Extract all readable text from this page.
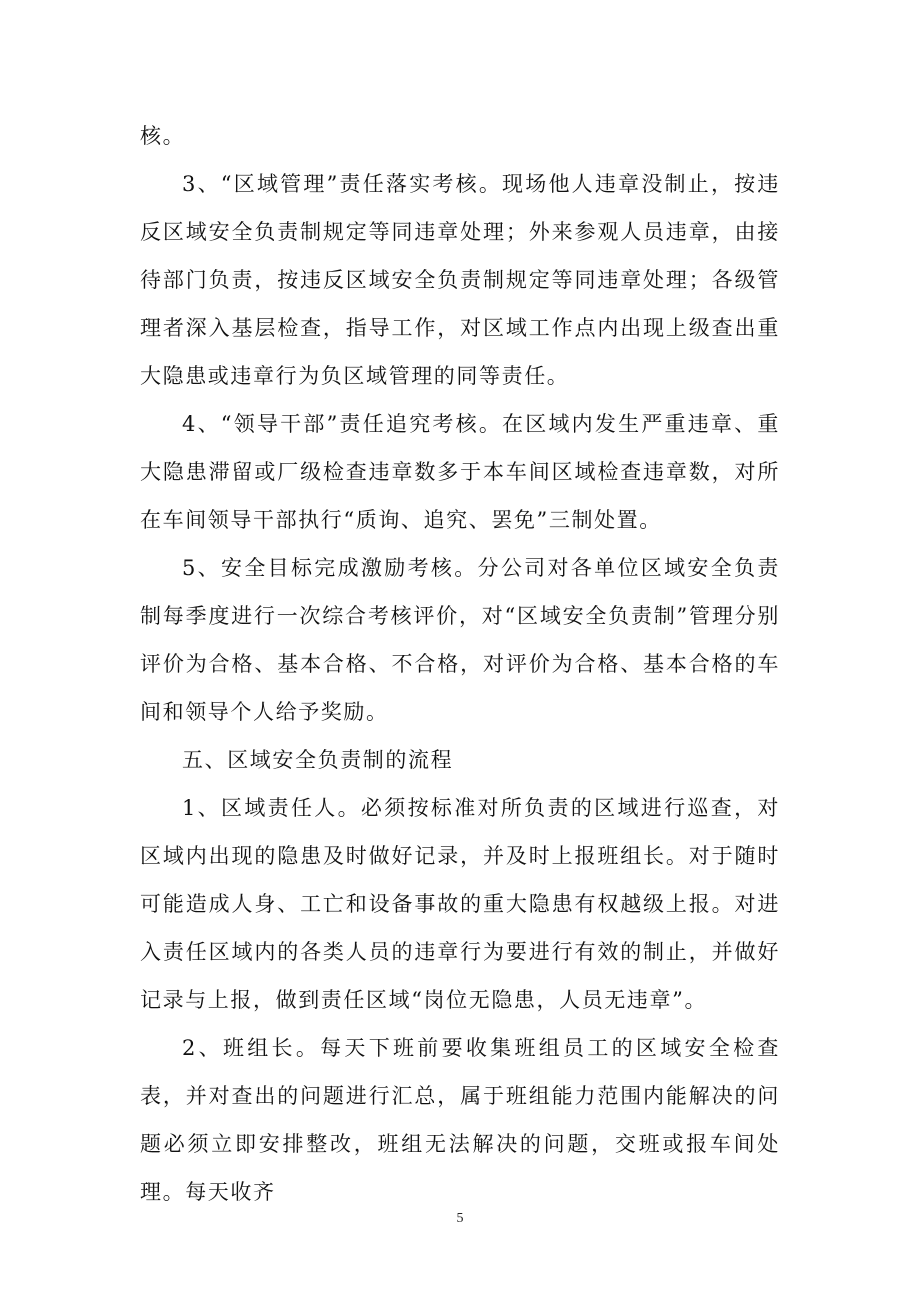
核。

3、“区域管理”责任落实考核。现场他人违章没制止，按违反区域安全负责制规定等同违章处理；外来参观人员违章，由接待部门负责，按违反区域安全负责制规定等同违章处理；各级管理者深入基层检查，指导工作，对区域工作点内出现上级查出重大隐患或违章行为负区域管理的同等责任。

4、“领导干部”责任追究考核。在区域内发生严重违章、重大隐患滞留或厂级检查违章数多于本车间区域检查违章数，对所在车间领导干部执行“质询、追究、罢免”三制处置。

5、安全目标完成激励考核。分公司对各单位区域安全负责制每季度进行一次综合考核评价，对“区域安全负责制”管理分别评价为合格、基本合格、不合格，对评价为合格、基本合格的车间和领导个人给予奖励。

五、区域安全负责制的流程

1、区域责任人。必须按标准对所负责的区域进行巡查，对区域内出现的隐患及时做好记录，并及时上报班组长。对于随时可能造成人身、工亡和设备事故的重大隐患有权越级上报。对进入责任区域内的各类人员的违章行为要进行有效的制止，并做好记录与上报，做到责任区域“岗位无隐患，人员无违章”。

2、班组长。每天下班前要收集班组员工的区域安全检查表，并对查出的问题进行汇总，属于班组能力范围内能解决的问题必须立即安排整改，班组无法解决的问题，交班或报车间处理。每天收齐

5
